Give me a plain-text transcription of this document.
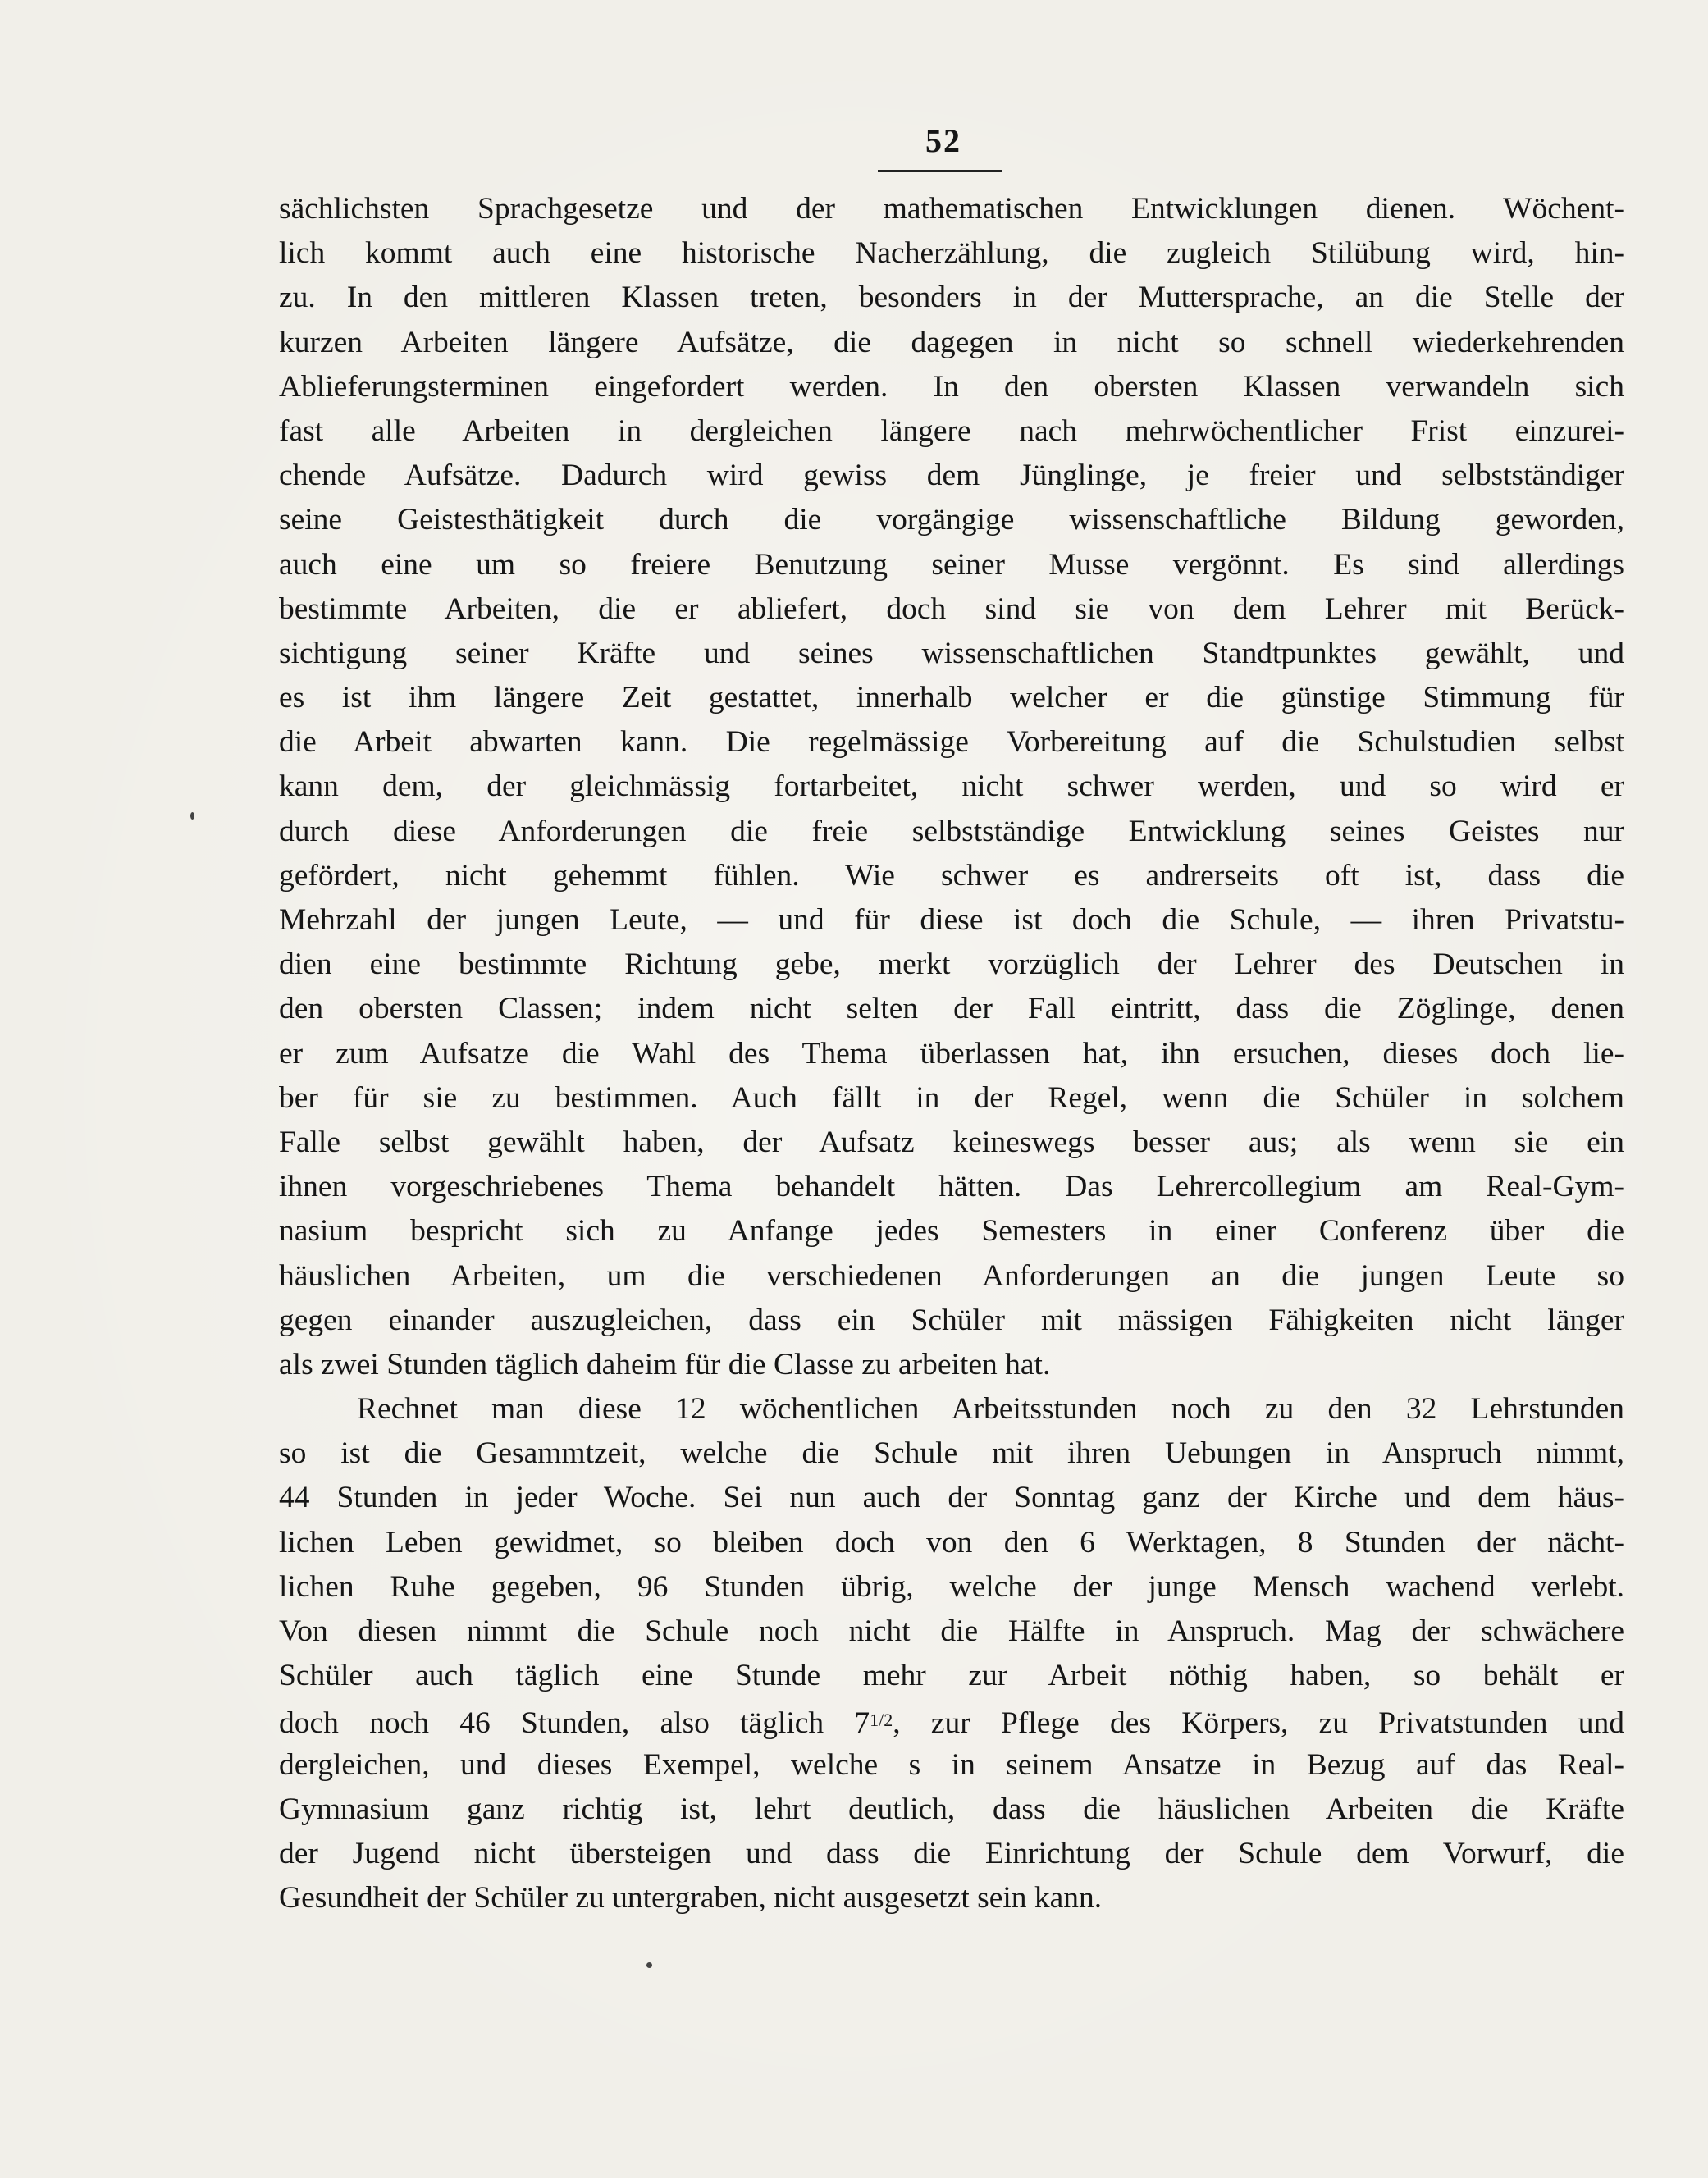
52
sächlichsten Sprachgesetze und der mathematischen Entwicklungen dienen. Wöchent-
lich kommt auch eine historische Nacherzählung, die zugleich Stilübung wird, hin-
zu. In den mittleren Klassen treten, besonders in der Muttersprache, an die Stelle der
kurzen Arbeiten längere Aufsätze, die dagegen in nicht so schnell wiederkehrenden
Ablieferungsterminen eingefordert werden. In den obersten Klassen verwandeln sich
fast alle Arbeiten in dergleichen längere nach mehrwöchentlicher Frist einzurei-
chende Aufsätze. Dadurch wird gewiss dem Jünglinge, je freier und selbstständiger
seine Geistesthätigkeit durch die vorgängige wissenschaftliche Bildung geworden,
auch eine um so freiere Benutzung seiner Musse vergönnt. Es sind allerdings
bestimmte Arbeiten, die er abliefert, doch sind sie von dem Lehrer mit Berück-
sichtigung seiner Kräfte und seines wissenschaftlichen Standtpunktes gewählt, und
es ist ihm längere Zeit gestattet, innerhalb welcher er die günstige Stimmung für
die Arbeit abwarten kann. Die regelmässige Vorbereitung auf die Schulstudien selbst
kann dem, der gleichmässig fortarbeitet, nicht schwer werden, und so wird er
durch diese Anforderungen die freie selbstständige Entwicklung seines Geistes nur
gefördert, nicht gehemmt fühlen. Wie schwer es andrerseits oft ist, dass die
Mehrzahl der jungen Leute, — und für diese ist doch die Schule, — ihren Privatstu-
dien eine bestimmte Richtung gebe, merkt vorzüglich der Lehrer des Deutschen in
den obersten Classen; indem nicht selten der Fall eintritt, dass die Zöglinge, denen
er zum Aufsatze die Wahl des Thema überlassen hat, ihn ersuchen, dieses doch lie-
ber für sie zu bestimmen. Auch fällt in der Regel, wenn die Schüler in solchem
Falle selbst gewählt haben, der Aufsatz keineswegs besser aus; als wenn sie ein
ihnen vorgeschriebenes Thema behandelt hätten. Das Lehrercollegium am Real-Gym-
nasium bespricht sich zu Anfange jedes Semesters in einer Conferenz über die
häuslichen Arbeiten, um die verschiedenen Anforderungen an die jungen Leute so
gegen einander auszugleichen, dass ein Schüler mit mässigen Fähigkeiten nicht länger
als zwei Stunden täglich daheim für die Classe zu arbeiten hat.
Rechnet man diese 12 wöchentlichen Arbeitsstunden noch zu den 32 Lehrstunden
so ist die Gesammtzeit, welche die Schule mit ihren Uebungen in Anspruch nimmt,
44 Stunden in jeder Woche. Sei nun auch der Sonntag ganz der Kirche und dem häus-
lichen Leben gewidmet, so bleiben doch von den 6 Werktagen, 8 Stunden der nächt-
lichen Ruhe gegeben, 96 Stunden übrig, welche der junge Mensch wachend verlebt.
Von diesen nimmt die Schule noch nicht die Hälfte in Anspruch. Mag der schwächere
Schüler auch täglich eine Stunde mehr zur Arbeit nöthig haben, so behält er
doch noch 46 Stunden, also täglich 71/2, zur Pflege des Körpers, zu Privatstunden und
dergleichen, und dieses Exempel, welche s in seinem Ansatze in Bezug auf das Real-
Gymnasium ganz richtig ist, lehrt deutlich, dass die häuslichen Arbeiten die Kräfte
der Jugend nicht übersteigen und dass die Einrichtung der Schule dem Vorwurf, die
Gesundheit der Schüler zu untergraben, nicht ausgesetzt sein kann.
